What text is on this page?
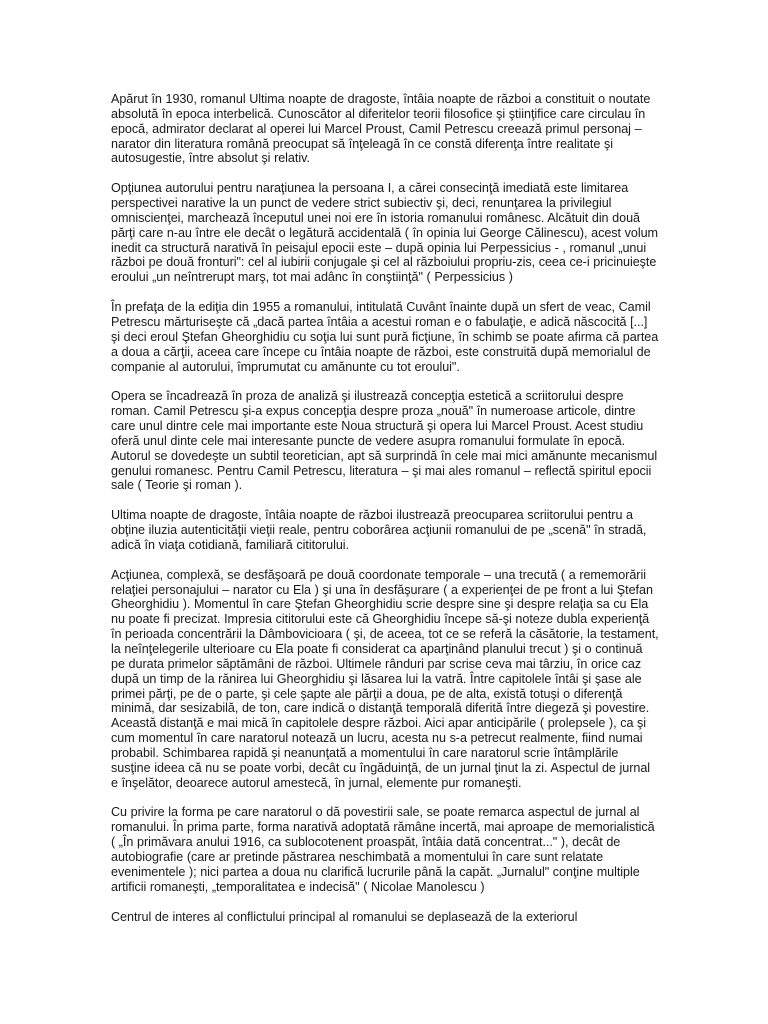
Apărut în 1930, romanul Ultima noapte de dragoste, întâia noapte de război a constituit o noutate absolută în epoca interbelică. Cunoscător al diferitelor teorii filosofice şi ştiinţifice care circulau în epocă, admirator declarat al operei lui Marcel Proust, Camil Petrescu creează primul personaj – narator din literatura română preocupat să înţeleagă în ce constă diferenţa între realitate şi autosugestie, între absolut şi relativ.

Opţiunea autorului pentru naraţiunea la persoana I, a cărei consecinţă imediată este limitarea perspectivei narative la un punct de vedere strict subiectiv şi, deci, renunţarea la privilegiul omniscienţei, marchează începutul unei noi ere în istoria romanului românesc. Alcătuit din două părţi care n-au între ele decât o legătură accidentală ( în opinia lui George Călinescu), acest volum inedit ca structură narativă în peisajul epocii este – după opinia lui Perpessicius - , romanul „unui război pe două fronturi": cel al iubirii conjugale şi cel al războiului propriu-zis, ceea ce-i pricinuieşte eroului „un neîntrerupt marş, tot mai adânc în conştiinţă" ( Perpessicius )

În prefaţa de la ediţia din 1955 a romanului, intitulată Cuvânt înainte după un sfert de veac, Camil Petrescu mărturiseşte că „dacă partea întâia a acestui roman e o fabulaţie, e adică născocită [...] şi deci eroul Ştefan Gheorghidiu cu soţia lui sunt pură ficţiune, în schimb se poate afirma că partea a doua a cărţii, aceea care începe cu întâia noapte de război, este construită după memorialul de companie al autorului, împrumutat cu amănunte cu tot eroului".

Opera se încadrează în proza de analiză şi ilustrează concepţia estetică a scriitorului despre roman. Camil Petrescu şi-a expus concepţia despre proza „nouă" în numeroase articole, dintre care unul dintre cele mai importante este Noua structură şi opera lui Marcel Proust. Acest studiu oferă unul dinte cele mai interesante puncte de vedere asupra romanului formulate în epocă. Autorul se dovedeşte un subtil teoretician, apt să surprindă în cele mai mici amănunte mecanismul genului romanesc. Pentru Camil Petrescu, literatura – şi mai ales romanul – reflectă spiritul epocii sale ( Teorie şi roman ).

Ultima noapte de dragoste, întâia noapte de război ilustrează preocuparea scriitorului pentru a obţine iluzia autenticităţii vieţii reale, pentru coborârea acţiunii romanului de pe „scenă" în stradă, adică în viaţa cotidiană, familiară cititorului.

Acţiunea, complexă, se desfăşoară pe două coordonate temporale – una trecută ( a rememorării relaţiei personajului – narator cu Ela ) şi una în desfăşurare ( a experienţei de pe front a lui Ştefan Gheorghidiu ). Momentul în care Ştefan Gheorghidiu scrie despre sine şi despre relaţia sa cu Ela nu poate fi precizat. Impresia cititorului este că Gheorghidiu începe să-şi noteze dubla experienţă în perioada concentrării la Dâmbovicioara ( şi, de aceea, tot ce se referă la căsătorie, la testament, la neînţelegerile ulterioare cu Ela poate fi considerat ca aparţinând planului trecut ) şi o continuă pe durata primelor săptămâni de război. Ultimele rânduri par scrise ceva mai târziu, în orice caz după un timp de la rănirea lui Gheorghidiu şi lăsarea lui la vatră. Între capitolele întâi şi şase ale primei părţi, pe de o parte, şi cele şapte ale părţii a doua, pe de alta, există totuşi o diferenţă minimă, dar sesizabilă, de ton, care indică o distanţă temporală diferită între diegeză şi povestire. Această distanţă e mai mică în capitolele despre război. Aici apar anticipările ( prolepsele ), ca şi cum momentul în care naratorul notează un lucru, acesta nu s-a petrecut realmente, fiind numai probabil. Schimbarea rapidă şi neanunţată a momentului în care naratorul scrie întâmplările susţine ideea că nu se poate vorbi, decât cu îngăduinţă, de un jurnal ţinut la zi. Aspectul de jurnal e înşelător, deoarece autorul amestecă, în jurnal, elemente pur romaneşti.

Cu privire la forma pe care naratorul o dă povestirii sale, se poate remarca aspectul de jurnal al romanului. În prima parte, forma narativă adoptată rămâne incertă, mai aproape de memorialistică ( „În primăvara anului 1916, ca sublocotenent proaspăt, întâia dată concentrat..." ), decât de autobiografie (care ar pretinde păstrarea neschimbată a momentului în care sunt relatate evenimentele ); nici partea a doua nu clarifică lucrurile până la capăt. „Jurnalul" conţine multiple artificii romaneşti, „temporalitatea e indecisă" ( Nicolae Manolescu )

Centrul de interes al conflictului principal al romanului se deplasează de la exteriorul
